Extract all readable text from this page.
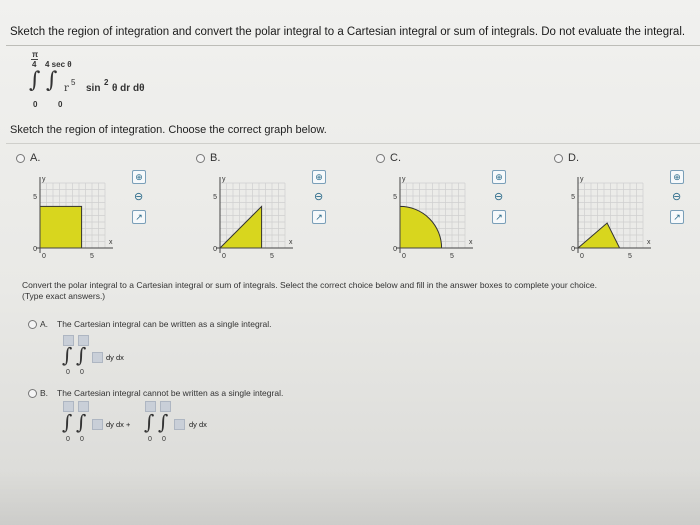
Sketch the region of integration and convert the polar integral to a Cartesian integral or sum of integrals. Do not evaluate the integral.
π
4 4 sec θ
∫ ∫ r
5
sin
2
θ dr dθ
0	0
Sketch the region of integration. Choose the correct graph below.
A.
y
5
0
x
5
0
⊕
⊖
↗
B.
y
5
0
x
5
0
⊕
⊖
↗
C.
y
5
0
x
5
0
⊕
⊖
↗
D.
y
5
0
x
5
0
⊕
⊖
↗
Convert the polar integral to a Cartesian integral or sum of integrals. Select the correct choice below and fill in the answer boxes to complete your choice.
(Type exact answers.)
A. The Cartesian integral can be written as a single integral.
∫ ∫	dy dx
0 0
B. The Cartesian integral cannot be written as a single integral.
∫ ∫	dy dx + ∫ ∫	dy dx
0 0	0 0
